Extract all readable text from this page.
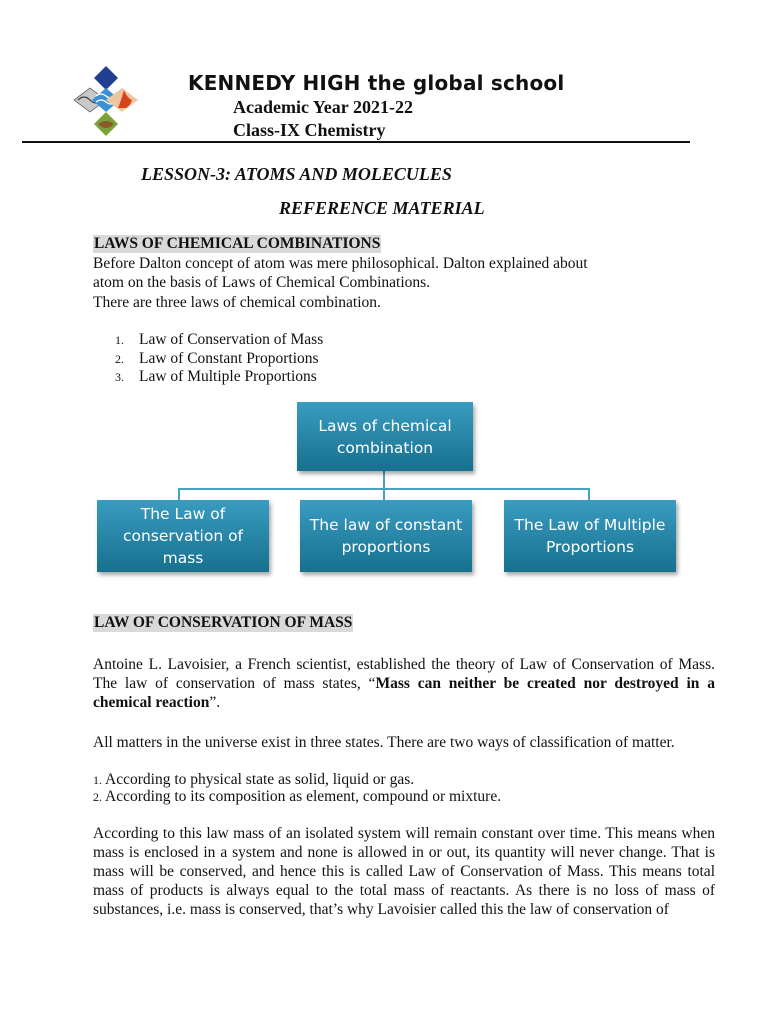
KENNEDY HIGH the global school
Academic Year 2021-22
Class-IX Chemistry
LESSON-3: ATOMS AND MOLECULES
REFERENCE MATERIAL
LAWS OF CHEMICAL COMBINATIONS
Before Dalton concept of atom was mere philosophical. Dalton explained about
atom on the basis of Laws of Chemical Combinations.
There are three laws of chemical combination.
1. Law of Conservation of Mass
2. Law of Constant Proportions
3. Law of Multiple Proportions
Laws of chemical
combination
The Law of
conservation of
mass
The law of constant
proportions
The Law of Multiple
Proportions
LAW OF CONSERVATION OF MASS
Antoine L. Lavoisier, a French scientist, established the theory of Law of Conservation of Mass. The law of conservation of mass states, “Mass can neither be created nor destroyed in a chemical reaction”.
All matters in the universe exist in three states. There are two ways of classification of matter.
1. According to physical state as solid, liquid or gas.
2. According to its composition as element, compound or mixture.
According to this law mass of an isolated system will remain constant over time. This means when mass is enclosed in a system and none is allowed in or out, its quantity will never change. That is mass will be conserved, and hence this is called Law of Conservation of Mass. This means total mass of products is always equal to the total mass of reactants. As there is no loss of mass of substances, i.e. mass is conserved, that’s why Lavoisier called this the law of conservation of
